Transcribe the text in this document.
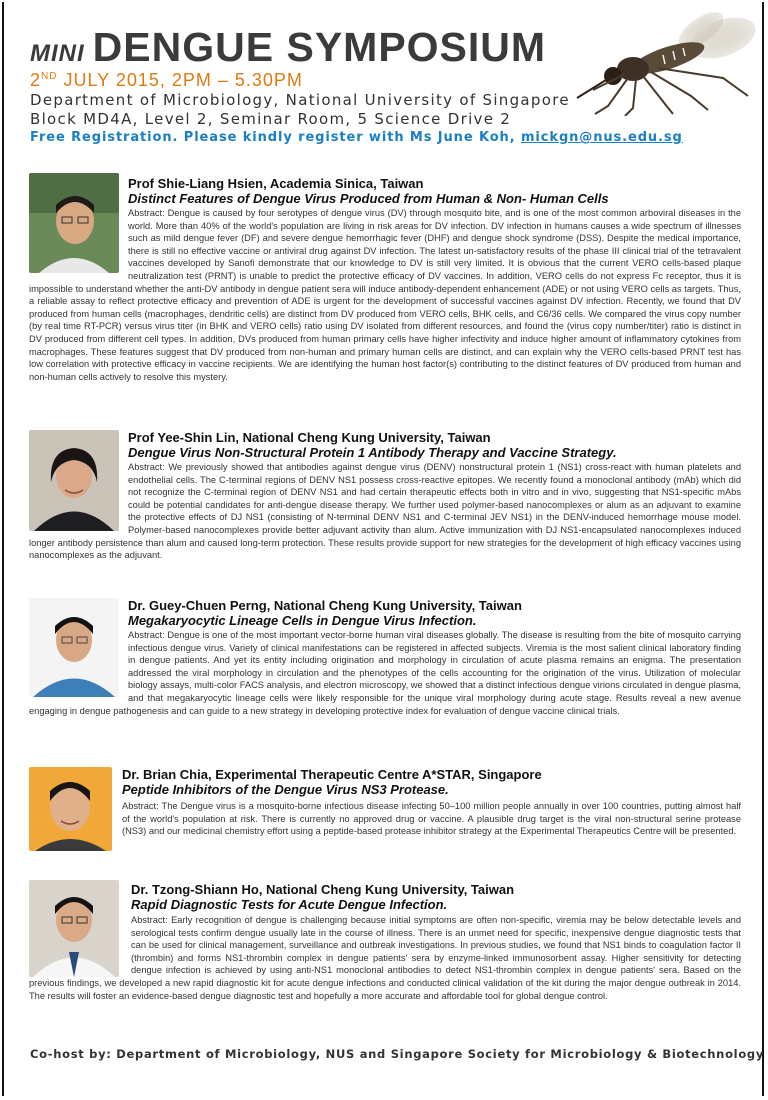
MINI DENGUE SYMPOSIUM
2ND JULY 2015, 2PM – 5.30PM
Department of Microbiology, National University of Singapore
Block MD4A, Level 2, Seminar Room, 5 Science Drive 2
Free Registration. Please kindly register with Ms June Koh, mickgn@nus.edu.sg

Prof Shie-Liang Hsien, Academia Sinica, Taiwan

Distinct Features of Dengue Virus Produced from Human & Non- Human Cells

Abstract: Dengue is caused by four serotypes of dengue virus (DV) through mosquito bite, and is one of the most common arboviral diseases in the world. More than 40% of the world's population are living in risk areas for DV infection. DV infection in humans causes a wide spectrum of illnesses such as mild dengue fever (DF) and severe dengue hemorrhagic fever (DHF) and dengue shock syndrome (DSS). Despite the medical importance, there is still no effective vaccine or antiviral drug against DV infection. The latest un-satisfactory results of the phase III clinical trial of the tetravalent vaccines developed by Sanofi demonstrate that our knowledge to DV is still very limited. It is obvious that the current VERO cells-based plaque neutralization test (PRNT) is unable to predict the protective efficacy of DV vaccines. In addition, VERO cells do not express Fc receptor, thus it is impossible to understand whether the anti-DV antibody in dengue patient sera will induce antibody-dependent enhancement (ADE) or not using VERO cells as targets. Thus, a reliable assay to reflect protective efficacy and prevention of ADE is urgent for the development of successful vaccines against DV infection. Recently, we found that DV produced from human cells (macrophages, dendritic cells) are distinct from DV produced from VERO cells, BHK cells, and C6/36 cells. We compared the virus copy number (by real time RT-PCR) versus virus titer (in BHK and VERO cells) ratio using DV isolated from different resources, and found the (virus copy number/titer) ratio is distinct in DV produced from different cell types. In addition, DVs produced from human primary cells have higher infectivity and induce higher amount of inflammatory cytokines from macrophages. These features suggest that DV produced from non-human and primary human cells are distinct, and can explain why the VERO cells-based PRNT test has low correlation with protective efficacy in vaccine recipients. We are identifying the human host factor(s) contributing to the distinct features of DV produced from human and non-human cells actively to resolve this mystery.

Prof Yee-Shin Lin, National Cheng Kung University, Taiwan

Dengue Virus Non-Structural Protein 1 Antibody Therapy and Vaccine Strategy.

Abstract: We previously showed that antibodies against dengue virus (DENV) nonstructural protein 1 (NS1) cross-react with human platelets and endothelial cells. The C-terminal regions of DENV NS1 possess cross-reactive epitopes. We recently found a monoclonal antibody (mAb) which did not recognize the C-terminal region of DENV NS1 and had certain therapeutic effects both in vitro and in vivo, suggesting that NS1-specific mAbs could be potential candidates for anti-dengue disease therapy. We further used polymer-based nanocomplexes or alum as an adjuvant to examine the protective effects of DJ NS1 (consisting of N-terminal DENV NS1 and C-terminal JEV NS1) in the DENV-induced hemorrhage mouse model. Polymer-based nanocomplexes provide better adjuvant activity than alum. Active immunization with DJ NS1-encapsulated nanocomplexes induced longer antibody persistence than alum and caused long-term protection. These results provide support for new strategies for the development of high efficacy vaccines using nanocomplexes as the adjuvant.

Dr. Guey-Chuen Perng, National Cheng Kung University, Taiwan

Megakaryocytic Lineage Cells in Dengue Virus Infection.

Abstract: Dengue is one of the most important vector-borne human viral diseases globally. The disease is resulting from the bite of mosquito carrying infectious dengue virus. Variety of clinical manifestations can be registered in affected subjects. Viremia is the most salient clinical laboratory finding in dengue patients. And yet its entity including origination and morphology in circulation of acute plasma remains an enigma. The presentation addressed the viral morphology in circulation and the phenotypes of the cells accounting for the origination of the virus. Utilization of molecular biology assays, multi-color FACS analysis, and electron microscopy, we showed that a distinct infectious dengue virions circulated in dengue plasma, and that megakaryocytic lineage cells were likely responsible for the unique viral morphology during acute stage. Results reveal a new avenue engaging in dengue pathogenesis and can guide to a new strategy in developing protective index for evaluation of dengue vaccine clinical trials.

Dr. Brian Chia, Experimental Therapeutic Centre A*STAR, Singapore

Peptide Inhibitors of the Dengue Virus NS3 Protease.

Abstract: The Dengue virus is a mosquito-borne infectious disease infecting 50–100 million people annually in over 100 countries, putting almost half of the world's population at risk. There is currently no approved drug or vaccine. A plausible drug target is the viral non-structural serine protease (NS3) and our medicinal chemistry effort using a peptide-based protease inhibitor strategy at the Experimental Therapeutics Centre will be presented.

Dr. Tzong-Shiann Ho, National Cheng Kung University, Taiwan

Rapid Diagnostic Tests for Acute Dengue Infection.

Abstract: Early recognition of dengue is challenging because initial symptoms are often non-specific, viremia may be below detectable levels and serological tests confirm dengue usually late in the course of illness. There is an unmet need for specific, inexpensive dengue diagnostic tests that can be used for clinical management, surveillance and outbreak investigations. In previous studies, we found that NS1 binds to coagulation factor II (thrombin) and forms NS1-thrombin complex in dengue patients' sera by enzyme-linked immunosorbent assay. Higher sensitivity for detecting dengue infection is achieved by using anti-NS1 monoclonal antibodies to detect NS1-thrombin complex in dengue patients' sera. Based on the previous findings, we developed a new rapid diagnostic kit for acute dengue infections and conducted clinical validation of the kit during the major dengue outbreak in 2014. The results will foster an evidence-based dengue diagnostic test and hopefully a more accurate and affordable tool for global dengue control.

Co-host by: Department of Microbiology, NUS and Singapore Society for Microbiology & Biotechnology
